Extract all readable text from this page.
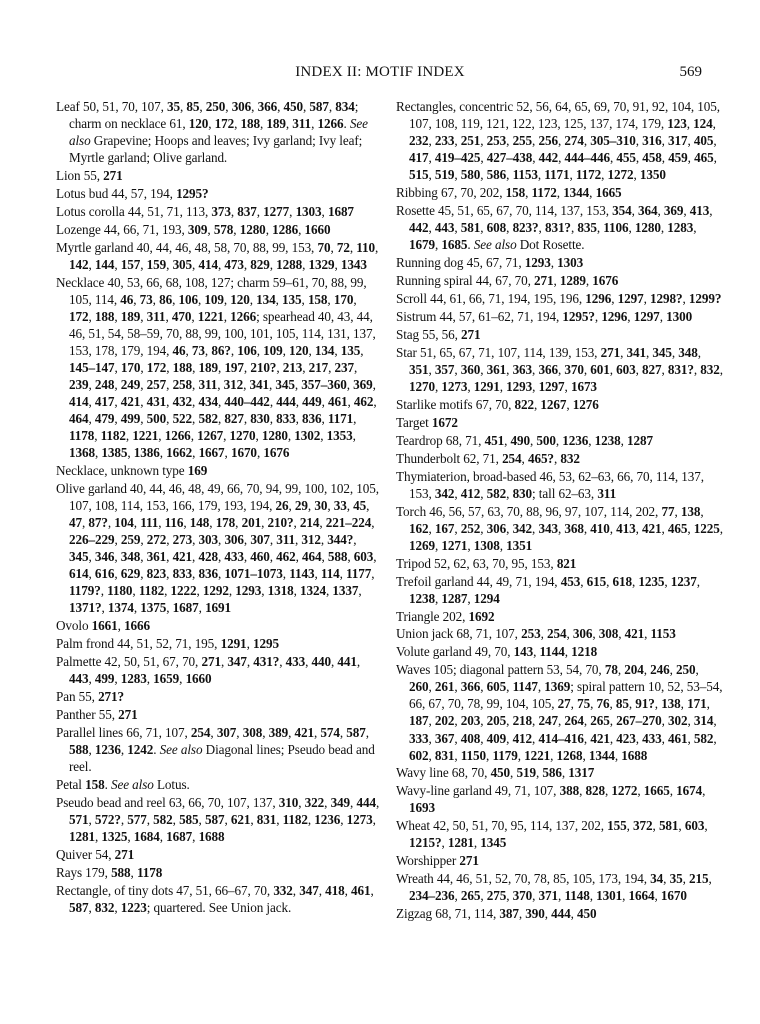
INDEX II: MOTIF INDEX	569
Leaf 50, 51, 70, 107, 35, 85, 250, 306, 366, 450, 587, 834; charm on necklace 61, 120, 172, 188, 189, 311, 1266. See also Grapevine; Hoops and leaves; Ivy garland; Ivy leaf; Myrtle garland; Olive garland.
Lion 55, 271
Lotus bud 44, 57, 194, 1295?
Lotus corolla 44, 51, 71, 113, 373, 837, 1277, 1303, 1687
Lozenge 44, 66, 71, 193, 309, 578, 1280, 1286, 1660
Myrtle garland 40, 44, 46, 48, 58, 70, 88, 99, 153, 70, 72, 110, 142, 144, 157, 159, 305, 414, 473, 829, 1288, 1329, 1343
Necklace 40, 53, 66, 68, 108, 127; charm 59–61, 70, 88, 99, 105, 114, 46, 73, 86, 106, 109, 120, 134, 135, 158, 170, 172, 188, 189, 311, 470, 1221, 1266; spearhead 40, 43, 44, 46, 51, 54, 58–59, 70, 88, 99, 100, 101, 105, 114, 131, 137, 153, 178, 179, 194, 46, 73, 86?, 106, 109, 120, 134, 135, 145–147, 170, 172, 188, 189, 197, 210?, 213, 217, 237, 239, 248, 249, 257, 258, 311, 312, 341, 345, 357–360, 369, 414, 417, 421, 431, 432, 434, 440–442, 444, 449, 461, 462, 464, 479, 499, 500, 522, 582, 827, 830, 833, 836, 1171, 1178, 1182, 1221, 1266, 1267, 1270, 1280, 1302, 1353, 1368, 1385, 1386, 1662, 1667, 1670, 1676
Necklace, unknown type 169
Olive garland 40, 44, 46, 48, 49, 66, 70, 94, 99, 100, 102, 105, 107, 108, 114, 153, 166, 179, 193, 194, 26, 29, 30, 33, 45, 47, 87?, 104, 111, 116, 148, 178, 201, 210?, 214, 221–224, 226–229, 259, 272, 273, 303, 306, 307, 311, 312, 344?, 345, 346, 348, 361, 421, 428, 433, 460, 462, 464, 588, 603, 614, 616, 629, 823, 833, 836, 1071–1073, 1143, 114, 1177, 1179?, 1180, 1182, 1222, 1292, 1293, 1318, 1324, 1337, 1371?, 1374, 1375, 1687, 1691
Ovolo 1661, 1666
Palm frond 44, 51, 52, 71, 195, 1291, 1295
Palmette 42, 50, 51, 67, 70, 271, 347, 431?, 433, 440, 441, 443, 499, 1283, 1659, 1660
Pan 55, 271?
Panther 55, 271
Parallel lines 66, 71, 107, 254, 307, 308, 389, 421, 574, 587, 588, 1236, 1242. See also Diagonal lines; Pseudo bead and reel.
Petal 158. See also Lotus.
Pseudo bead and reel 63, 66, 70, 107, 137, 310, 322, 349, 444, 571, 572?, 577, 582, 585, 587, 621, 831, 1182, 1236, 1273, 1281, 1325, 1684, 1687, 1688
Quiver 54, 271
Rays 179, 588, 1178
Rectangle, of tiny dots 47, 51, 66–67, 70, 332, 347, 418, 461, 587, 832, 1223; quartered. See Union jack.
Rectangles, concentric 52, 56, 64, 65, 69, 70, 91, 92, 104, 105, 107, 108, 119, 121, 122, 123, 125, 137, 174, 179, 123, 124, 232, 233, 251, 253, 255, 256, 274, 305–310, 316, 317, 405, 417, 419–425, 427–438, 442, 444–446, 455, 458, 459, 465, 515, 519, 580, 586, 1153, 1171, 1172, 1272, 1350
Ribbing 67, 70, 202, 158, 1172, 1344, 1665
Rosette 45, 51, 65, 67, 70, 114, 137, 153, 354, 364, 369, 413, 442, 443, 581, 608, 823?, 831?, 835, 1106, 1280, 1283, 1679, 1685. See also Dot Rosette.
Running dog 45, 67, 71, 1293, 1303
Running spiral 44, 67, 70, 271, 1289, 1676
Scroll 44, 61, 66, 71, 194, 195, 196, 1296, 1297, 1298?, 1299?
Sistrum 44, 57, 61–62, 71, 194, 1295?, 1296, 1297, 1300
Stag 55, 56, 271
Star 51, 65, 67, 71, 107, 114, 139, 153, 271, 341, 345, 348, 351, 357, 360, 361, 363, 366, 370, 601, 603, 827, 831?, 832, 1270, 1273, 1291, 1293, 1297, 1673
Starlike motifs 67, 70, 822, 1267, 1276
Target 1672
Teardrop 68, 71, 451, 490, 500, 1236, 1238, 1287
Thunderbolt 62, 71, 254, 465?, 832
Thymiaterion, broad-based 46, 53, 62–63, 66, 70, 114, 137, 153, 342, 412, 582, 830; tall 62–63, 311
Torch 46, 56, 57, 63, 70, 88, 96, 97, 107, 114, 202, 77, 138, 162, 167, 252, 306, 342, 343, 368, 410, 413, 421, 465, 1225, 1269, 1271, 1308, 1351
Tripod 52, 62, 63, 70, 95, 153, 821
Trefoil garland 44, 49, 71, 194, 453, 615, 618, 1235, 1237, 1238, 1287, 1294
Triangle 202, 1692
Union jack 68, 71, 107, 253, 254, 306, 308, 421, 1153
Volute garland 49, 70, 143, 1144, 1218
Waves 105; diagonal pattern 53, 54, 70, 78, 204, 246, 250, 260, 261, 366, 605, 1147, 1369; spiral pattern 10, 52, 53–54, 66, 67, 70, 78, 99, 104, 105, 27, 75, 76, 85, 91?, 138, 171, 187, 202, 203, 205, 218, 247, 264, 265, 267–270, 302, 314, 333, 367, 408, 409, 412, 414–416, 421, 423, 433, 461, 582, 602, 831, 1150, 1179, 1221, 1268, 1344, 1688
Wavy line 68, 70, 450, 519, 586, 1317
Wavy-line garland 49, 71, 107, 388, 828, 1272, 1665, 1674, 1693
Wheat 42, 50, 51, 70, 95, 114, 137, 202, 155, 372, 581, 603, 1215?, 1281, 1345
Worshipper 271
Wreath 44, 46, 51, 52, 70, 78, 85, 105, 173, 194, 34, 35, 215, 234–236, 265, 275, 370, 371, 1148, 1301, 1664, 1670
Zigzag 68, 71, 114, 387, 390, 444, 450
